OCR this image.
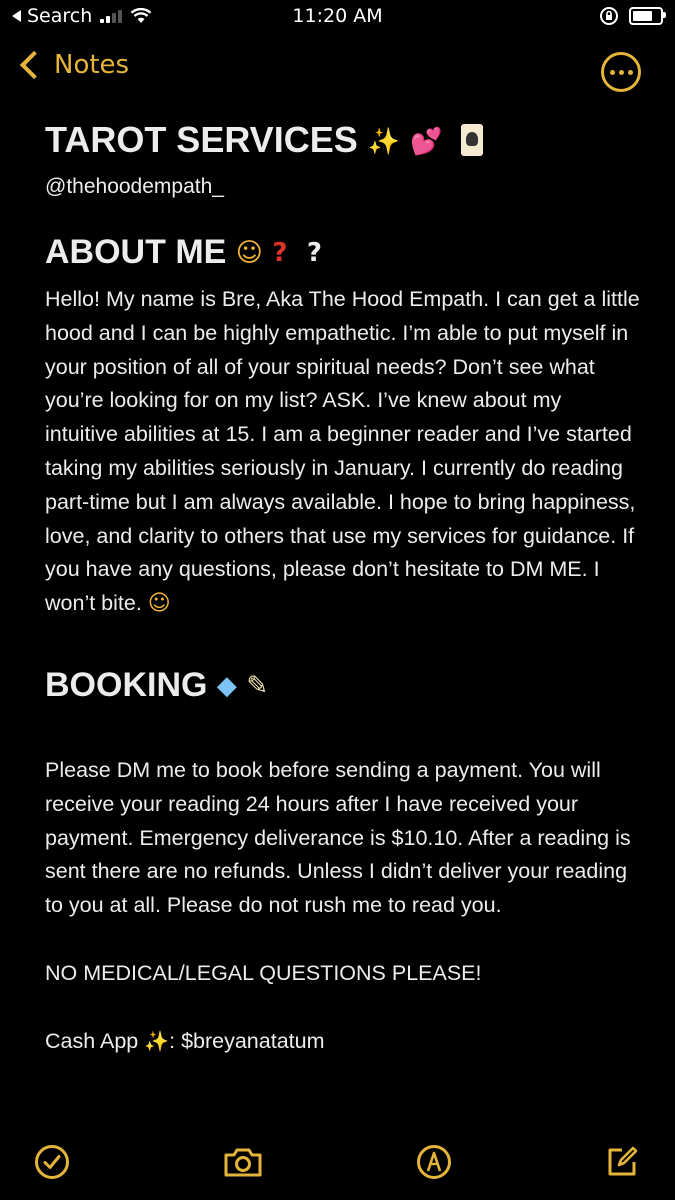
Search	11:20 AM
Notes
TAROT SERVICES ✨ 💕
@thehoodempath_
ABOUT ME ☺ ? ?

Hello! My name is Bre, Aka The Hood Empath. I can get a little hood and I can be highly empathetic. I’m able to put myself in your position of all of your spiritual needs? Don’t see what you’re looking for on my list? ASK. I’ve knew about my intuitive abilities at 15. I am a beginner reader and I’ve started taking my abilities seriously in January. I currently do reading part-time but I am always available. I hope to bring happiness, love, and clarity to others that use my services for guidance. If you have any questions, please don’t hesitate to DM ME. I won’t bite. ☺

BOOKING ◆ ✎

Please DM me to book before sending a payment. You will receive your reading 24 hours after I have received your payment. Emergency deliverance is $10.10. After a reading is sent there are no refunds. Unless I didn’t deliver your reading to you at all. Please do not rush me to read you.

NO MEDICAL/LEGAL QUESTIONS PLEASE!

Cash App ✨: $breyanatatum
